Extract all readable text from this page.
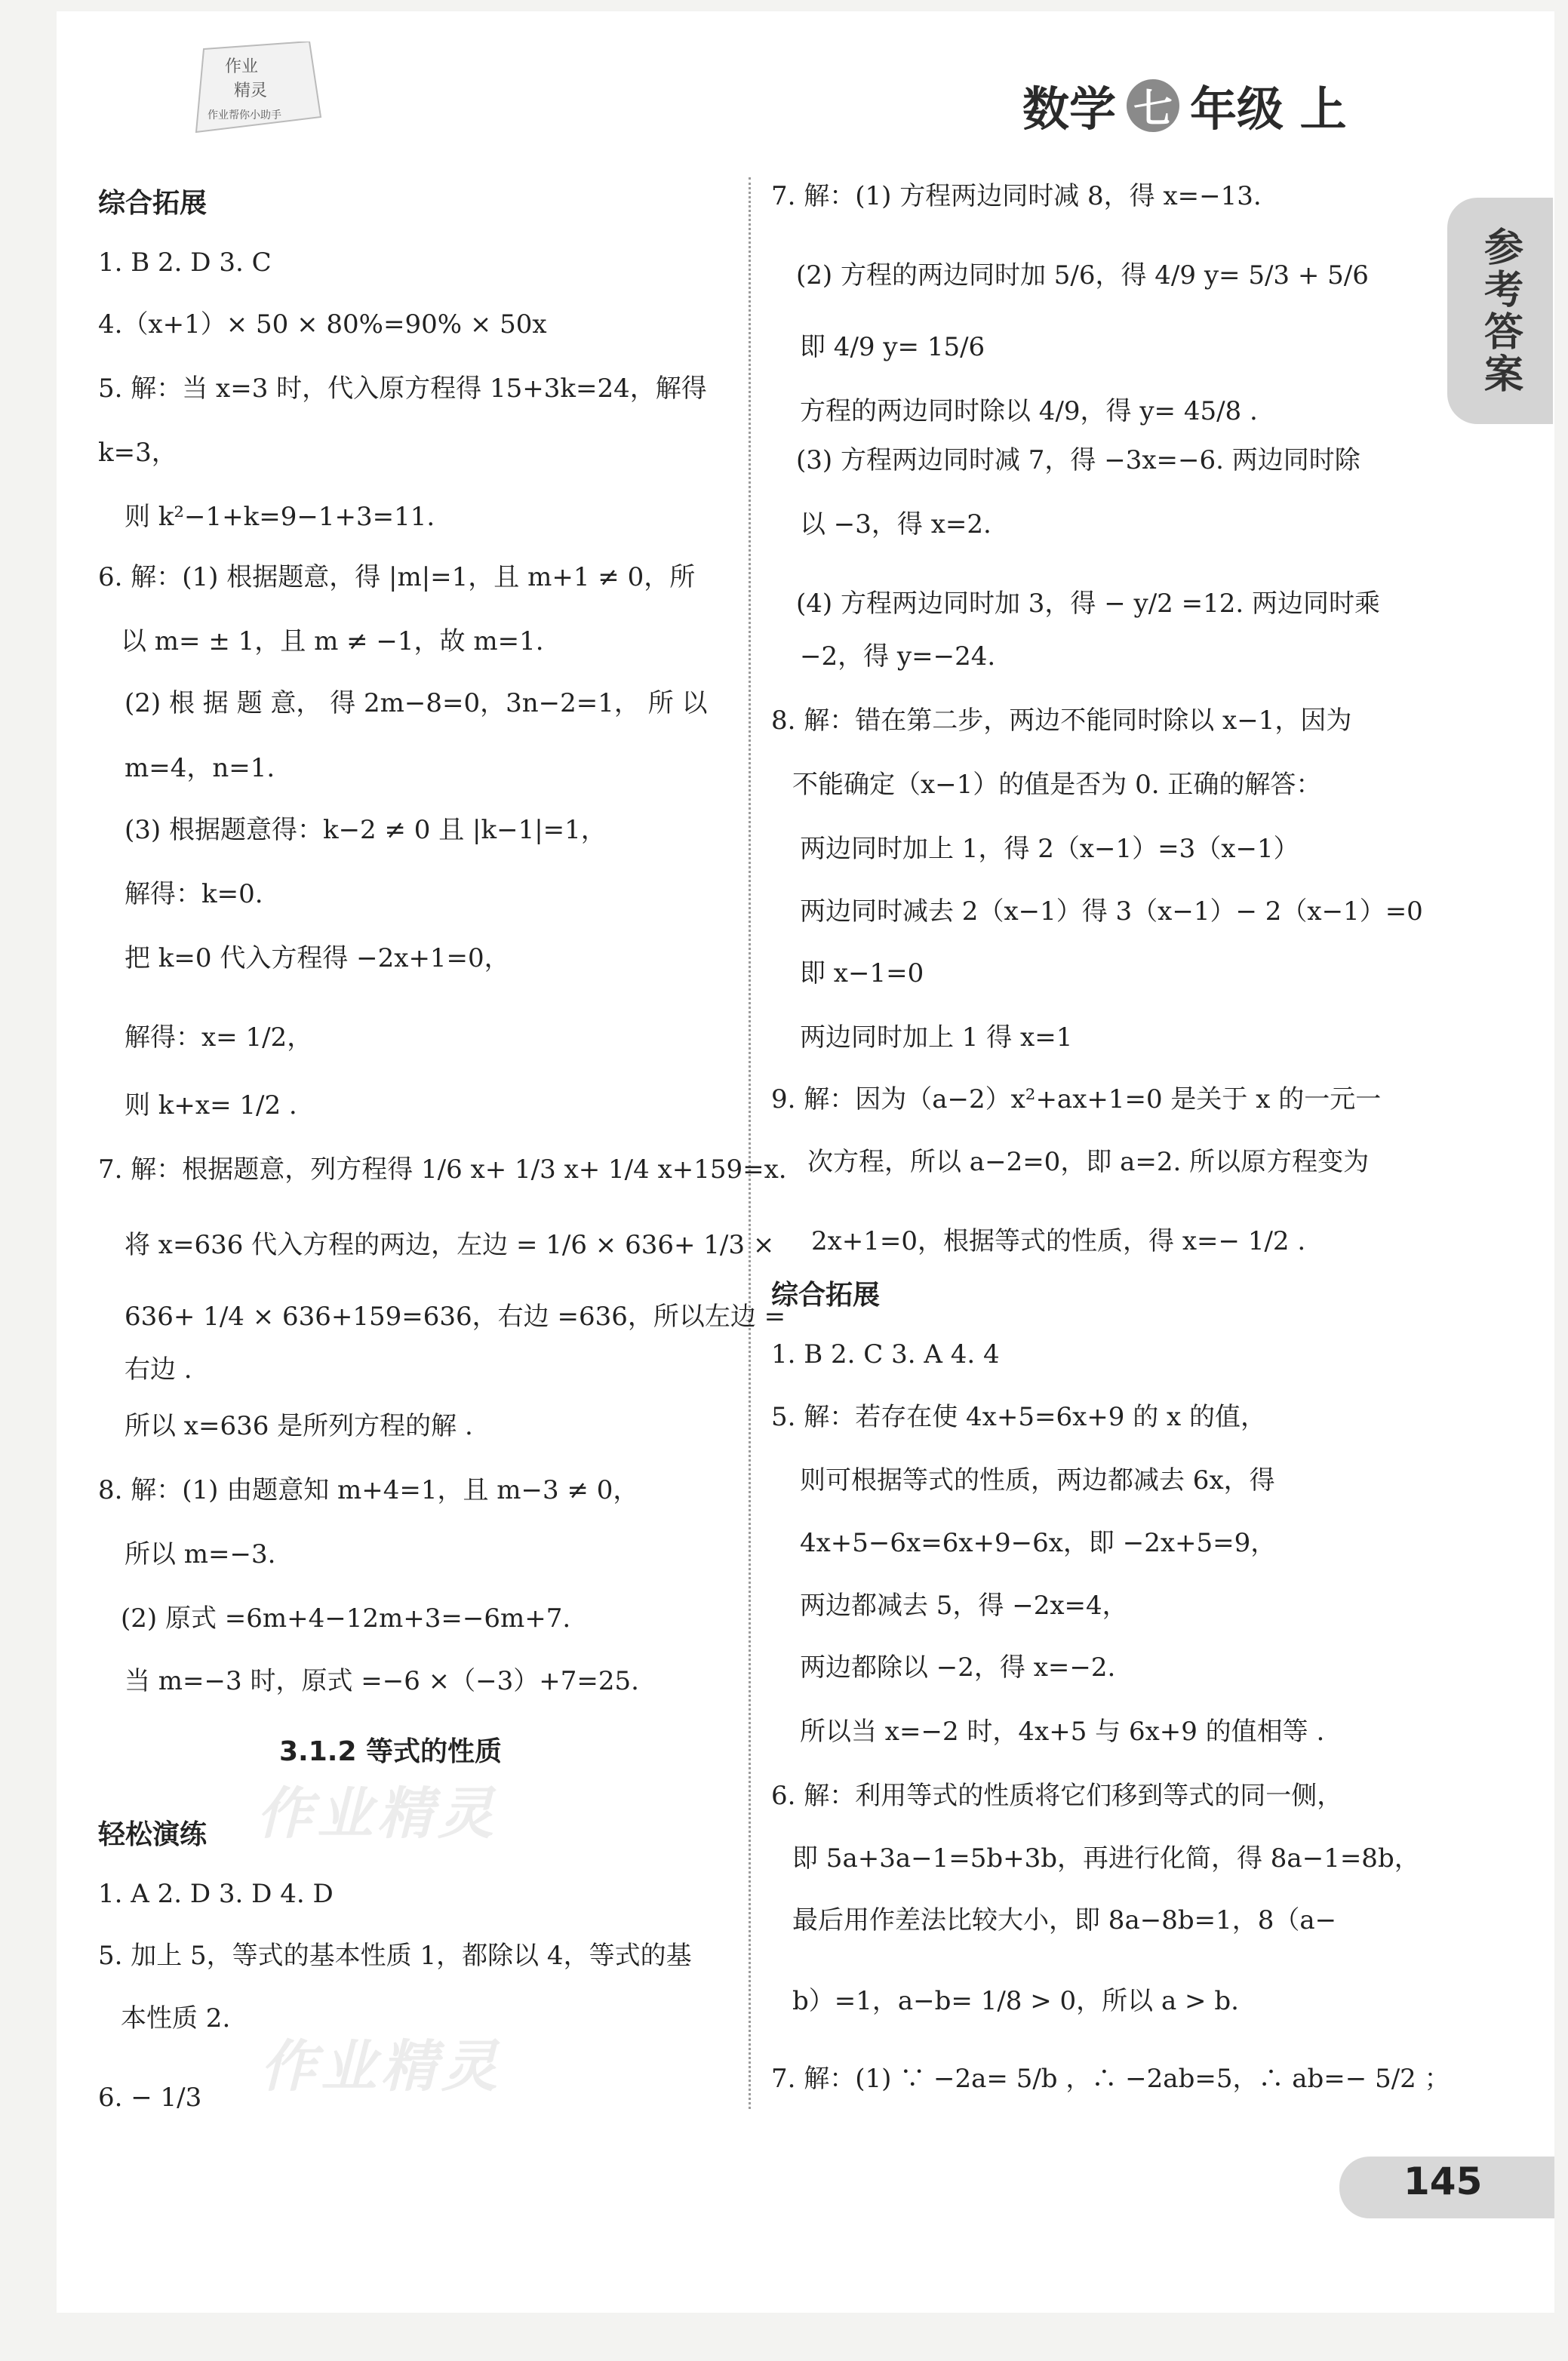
作业
精灵
作业帮你小助手	数学 七 年级 上
参考答案
作业精灵
作业精灵
综合拓展
1. B 2. D 3. C
4.（x+1）× 50 × 80%=90% × 50x
5. 解：当 x=3 时，代入原方程得 15+3k=24，解得
k=3，
则 k²−1+k=9−1+3=11.
6. 解：(1) 根据题意，得 |m|=1，且 m+1 ≠ 0，所
以 m= ± 1，且 m ≠ −1，故 m=1.
(2) 根 据 题 意， 得 2m−8=0，3n−2=1， 所 以
m=4，n=1.
(3) 根据题意得：k−2 ≠ 0 且 |k−1|=1，
解得：k=0.
把 k=0 代入方程得 −2x+1=0，
解得：x= 1/2，
则 k+x= 1/2 .
7. 解：根据题意，列方程得 1/6 x+ 1/3 x+ 1/4 x+159=x.
将 x=636 代入方程的两边，左边 = 1/6 × 636+ 1/3 ×
636+ 1/4 × 636+159=636，右边 =636，所以左边 =
右边 .
所以 x=636 是所列方程的解 .
8. 解：(1) 由题意知 m+4=1，且 m−3 ≠ 0，
所以 m=−3.
(2) 原式 =6m+4−12m+3=−6m+7.
当 m=−3 时，原式 =−6 ×（−3）+7=25.
3.1.2 等式的性质
轻松演练
1. A 2. D 3. D 4. D
5. 加上 5，等式的基本性质 1，都除以 4，等式的基
本性质 2.
6. − 1/3
7. 解：(1) 方程两边同时减 8，得 x=−13.
(2) 方程的两边同时加 5/6，得 4/9 y= 5/3 + 5/6
即 4/9 y= 15/6
方程的两边同时除以 4/9，得 y= 45/8 .
(3) 方程两边同时减 7，得 −3x=−6. 两边同时除
以 −3，得 x=2.
(4) 方程两边同时加 3，得 − y/2 =12. 两边同时乘
−2，得 y=−24.
8. 解：错在第二步，两边不能同时除以 x−1，因为
不能确定（x−1）的值是否为 0. 正确的解答：
两边同时加上 1，得 2（x−1）=3（x−1）
两边同时减去 2（x−1）得 3（x−1）− 2（x−1）=0
即 x−1=0
两边同时加上 1 得 x=1
9. 解：因为（a−2）x²+ax+1=0 是关于 x 的一元一
次方程，所以 a−2=0，即 a=2. 所以原方程变为
2x+1=0，根据等式的性质，得 x=− 1/2 .
综合拓展
1. B 2. C 3. A 4. 4
5. 解：若存在使 4x+5=6x+9 的 x 的值，
则可根据等式的性质，两边都减去 6x，得
4x+5−6x=6x+9−6x，即 −2x+5=9，
两边都减去 5，得 −2x=4，
两边都除以 −2，得 x=−2.
所以当 x=−2 时，4x+5 与 6x+9 的值相等 .
6. 解：利用等式的性质将它们移到等式的同一侧，
即 5a+3a−1=5b+3b，再进行化简，得 8a−1=8b，
最后用作差法比较大小，即 8a−8b=1，8（a−
b）=1，a−b= 1/8 > 0，所以 a > b.
7. 解：(1) ∵ −2a= 5/b ，∴ −2ab=5，∴ ab=− 5/2 ；
145
